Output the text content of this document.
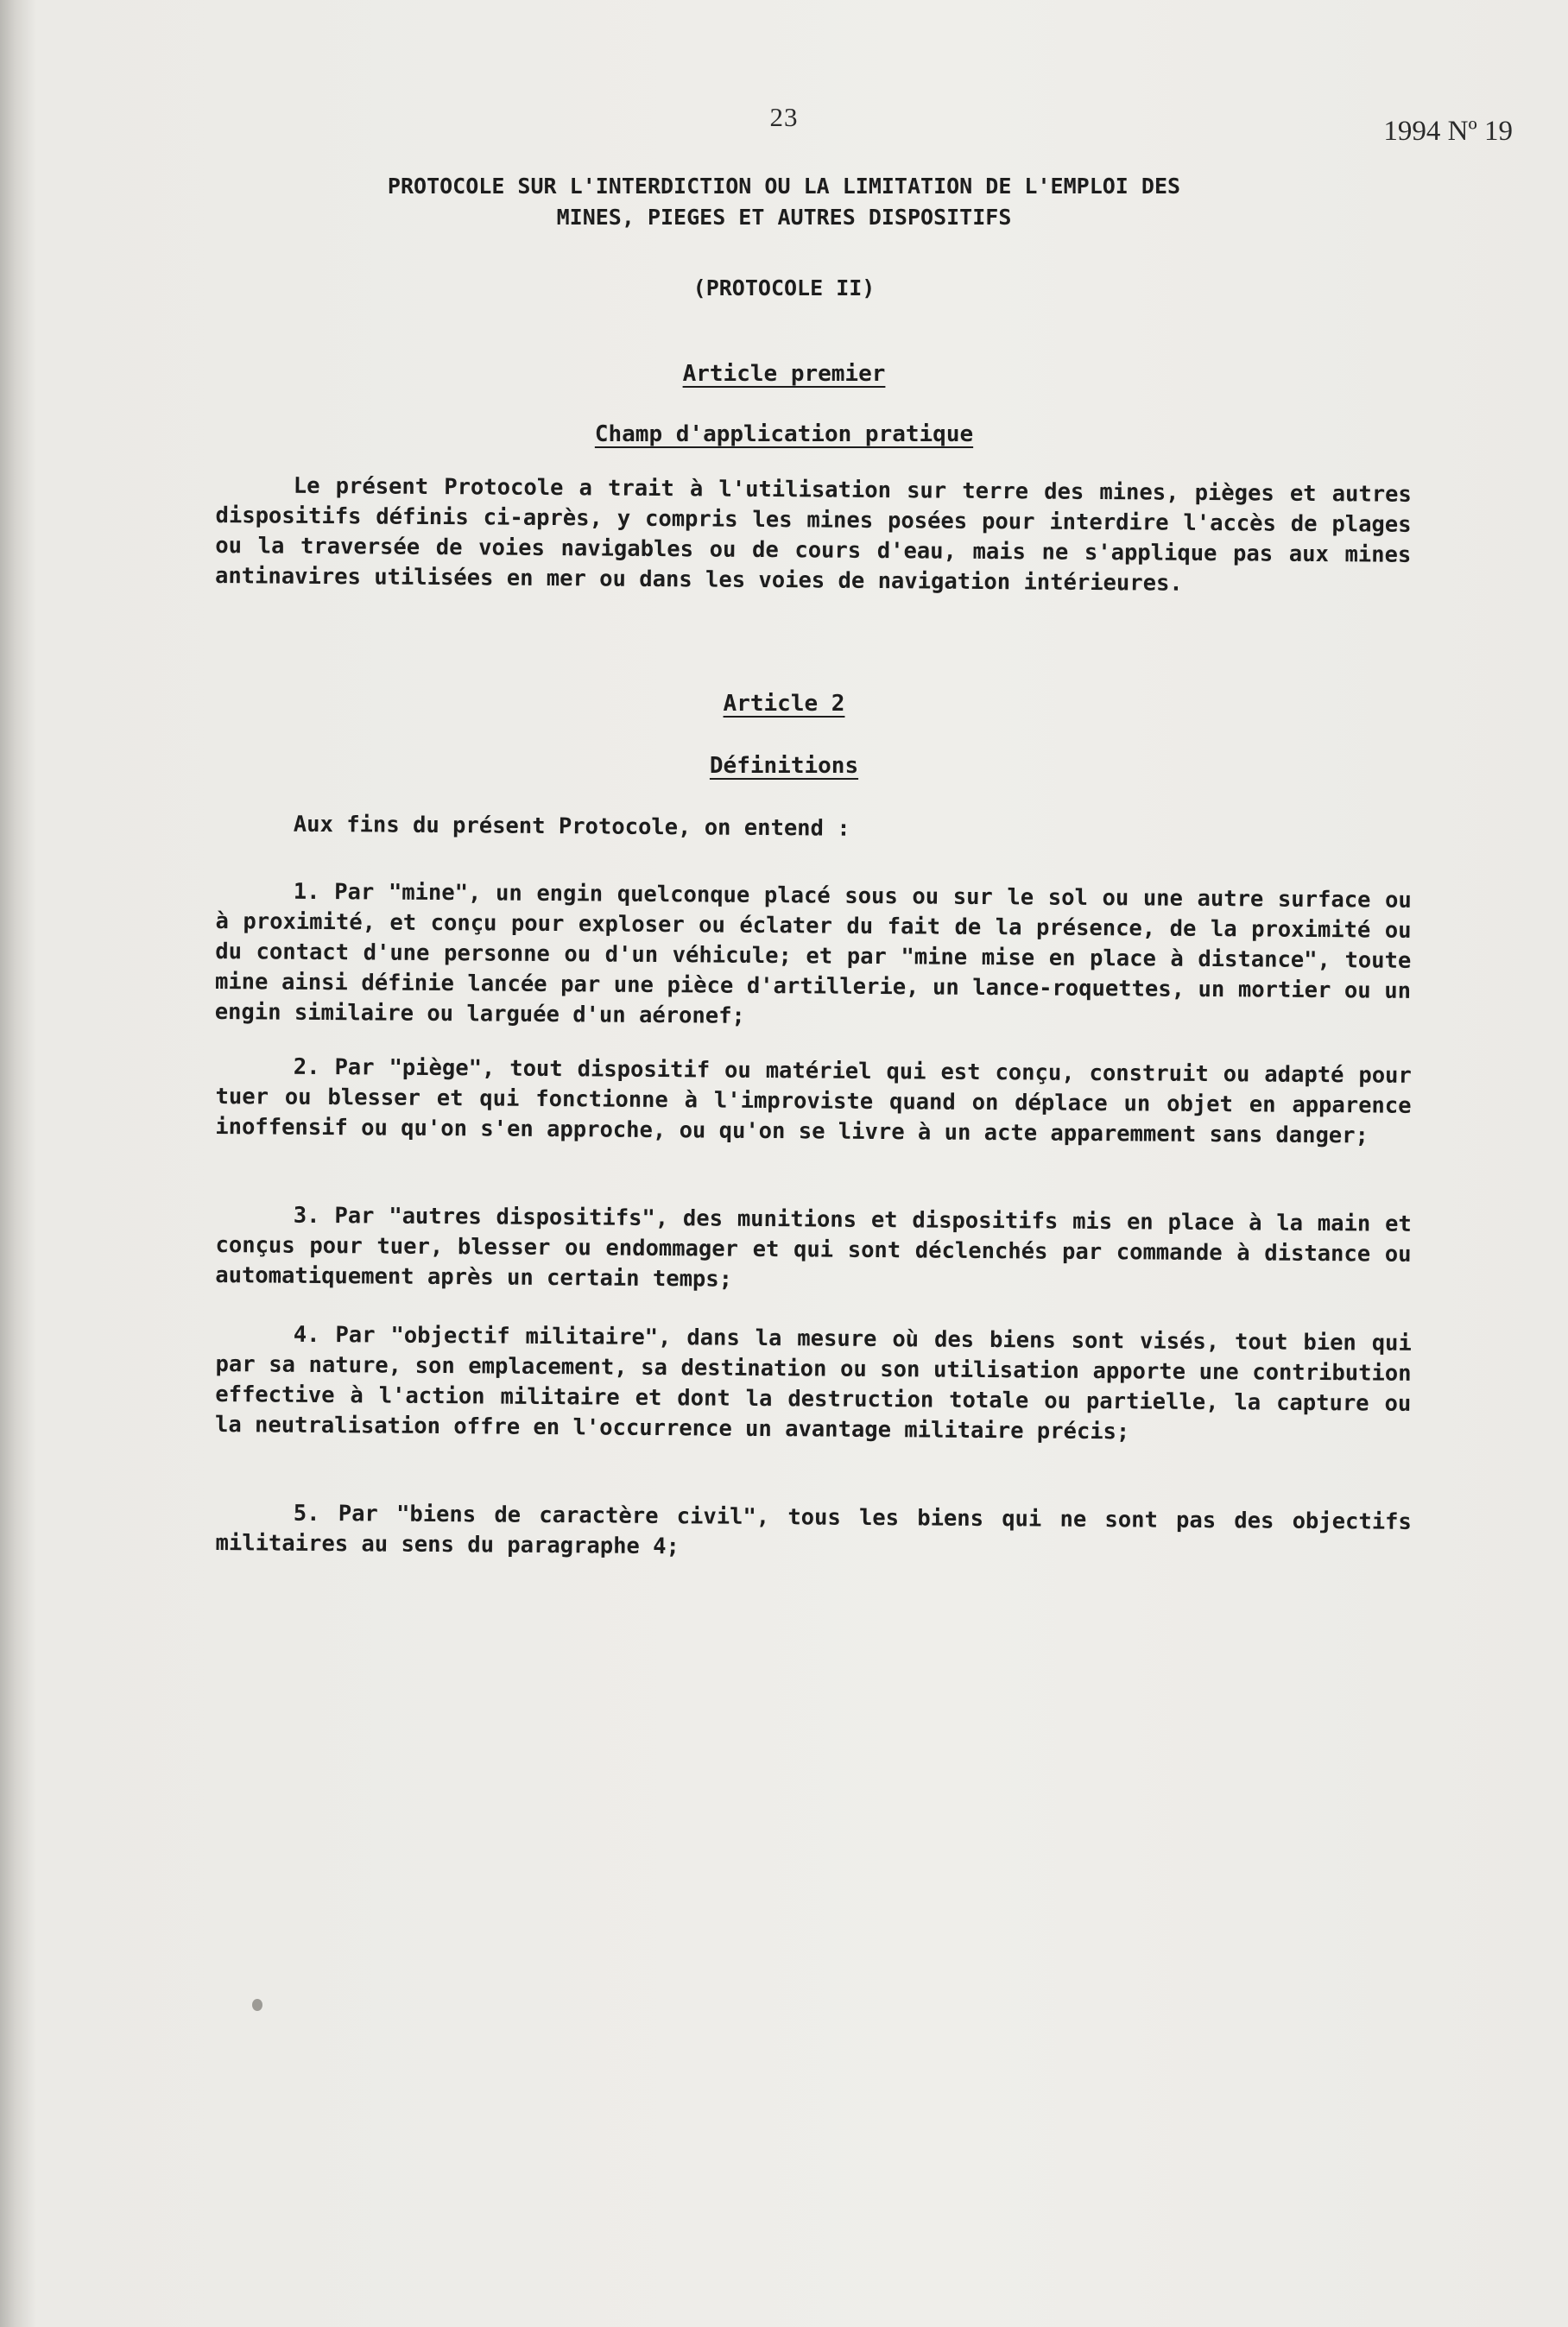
23	1994 Nº 19
PROTOCOLE SUR L'INTERDICTION OU LA LIMITATION DE L'EMPLOI DES
MINES, PIEGES ET AUTRES DISPOSITIFS
(PROTOCOLE II)
Article premier
Champ d'application pratique
Le présent Protocole a trait à l'utilisation sur terre des mines, pièges et autres dispositifs définis ci-après, y compris les mines posées pour interdire l'accès de plages ou la traversée de voies navigables ou de cours d'eau, mais ne s'applique pas aux mines antinavires utilisées en mer ou dans les voies de navigation intérieures.
Article 2
Définitions
Aux fins du présent Protocole, on entend :
1. Par "mine", un engin quelconque placé sous ou sur le sol ou une autre surface ou à proximité, et conçu pour exploser ou éclater du fait de la présence, de la proximité ou du contact d'une personne ou d'un véhicule; et par "mine mise en place à distance", toute mine ainsi définie lancée par une pièce d'artillerie, un lance-roquettes, un mortier ou un engin similaire ou larguée d'un aéronef;
2. Par "piège", tout dispositif ou matériel qui est conçu, construit ou adapté pour tuer ou blesser et qui fonctionne à l'improviste quand on déplace un objet en apparence inoffensif ou qu'on s'en approche, ou qu'on se livre à un acte apparemment sans danger;
3. Par "autres dispositifs", des munitions et dispositifs mis en place à la main et conçus pour tuer, blesser ou endommager et qui sont déclenchés par commande à distance ou automatiquement après un certain temps;
4. Par "objectif militaire", dans la mesure où des biens sont visés, tout bien qui par sa nature, son emplacement, sa destination ou son utilisation apporte une contribution effective à l'action militaire et dont la destruction totale ou partielle, la capture ou la neutralisation offre en l'occurrence un avantage militaire précis;
5. Par "biens de caractère civil", tous les biens qui ne sont pas des objectifs militaires au sens du paragraphe 4;
